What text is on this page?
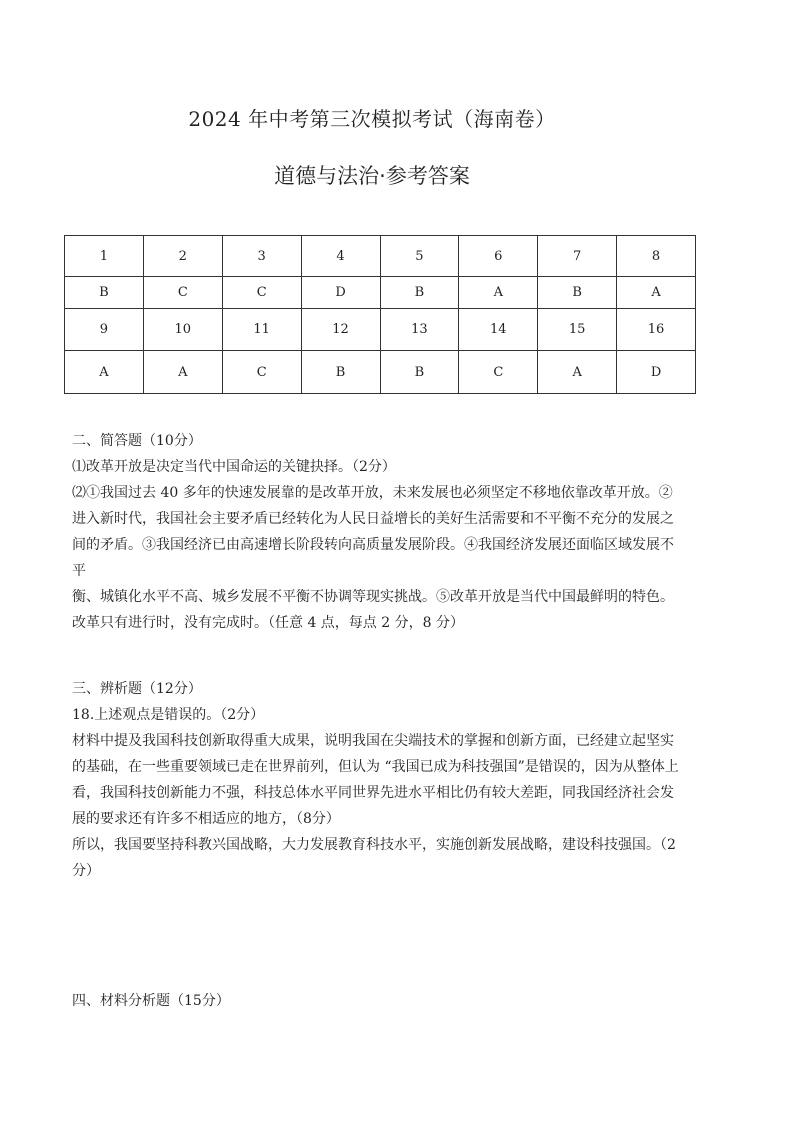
2024 年中考第三次模拟考试（海南卷）
道德与法治·参考答案
1	2	3	4	5	6	7	8
B	C	C	D	B	A	B	A
9	10	11	12	13	14	15	16
A	A	C	B	B	C	A	D

二、简答题（10分）

⑴改革开放是决定当代中国命运的关键抉择。（2分）

⑵①我国过去 40 多年的快速发展靠的是改革开放，未来发展也必须坚定不移地依靠改革开放。②

进入新时代，我国社会主要矛盾已经转化为人民日益增长的美好生活需要和不平衡不充分的发展之

间的矛盾。③我国经济已由高速增长阶段转向高质量发展阶段。④我国经济发展还面临区域发展不平

衡、城镇化水平不高、城乡发展不平衡不协调等现实挑战。⑤改革开放是当代中国最鲜明的特色。

改革只有进行时，没有完成时。（任意 4 点，每点 2 分，8 分）

三、辨析题（12分）

18.上述观点是错误的。（2分）

材料中提及我国科技创新取得重大成果，说明我国在尖端技术的掌握和创新方面，已经建立起坚实

的基础，在一些重要领域已走在世界前列，但认为 “我国已成为科技强国”是错误的，因为从整体上

看，我国科技创新能力不强，科技总体水平同世界先进水平相比仍有较大差距，同我国经济社会发

展的要求还有许多不相适应的地方，（8分）

所以，我国要坚持科教兴国战略，大力发展教育科技水平，实施创新发展战略，建设科技强国。（2

分）

四、材料分析题（15分）
